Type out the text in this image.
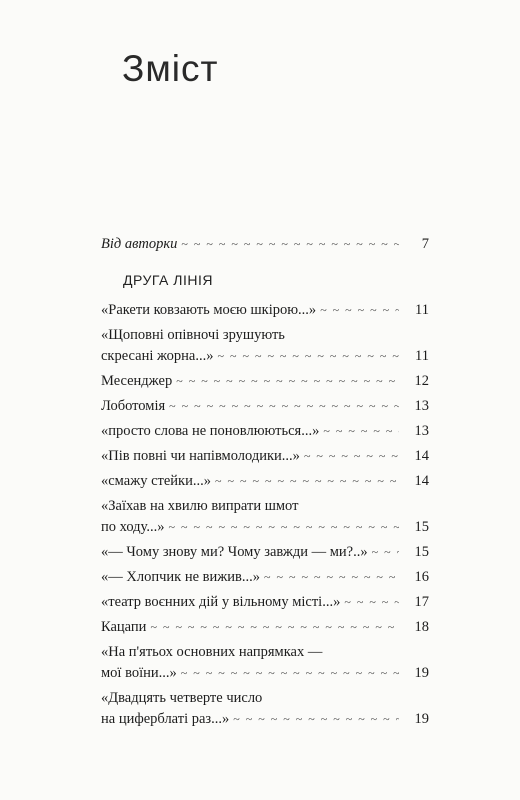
Зміст
Від авторки ~ ~ ~	7
ДРУГА ЛІНІЯ
«Ракети ковзають моєю шкірою...» ~ ~ ~	11
«Щоповні опівночі зрушують
скресані жорна...» ~ ~ ~	11
Месенджер ~ ~ ~	12
Лоботомія ~ ~ ~	13
«просто слова не поновлюються...» ~ ~ ~	13
«Пів повні чи напівмолодики...» ~ ~ ~	14
«смажу стейки...» ~ ~ ~	14
«Заїхав на хвилю випрати шмот
по ходу...» ~ ~ ~	15
«— Чому знову ми? Чому завжди — ми?..» ~ ~ ~	15
«— Хлопчик не вижив...» ~ ~ ~	16
«театр воєнних дій у вільному місті...» ~ ~ ~	17
Кацапи ~ ~ ~	18
«На п'ятьох основних напрямках —
мої воїни...» ~ ~ ~	19
«Двадцять четверте число
на циферблаті раз...» ~ ~ ~	19
